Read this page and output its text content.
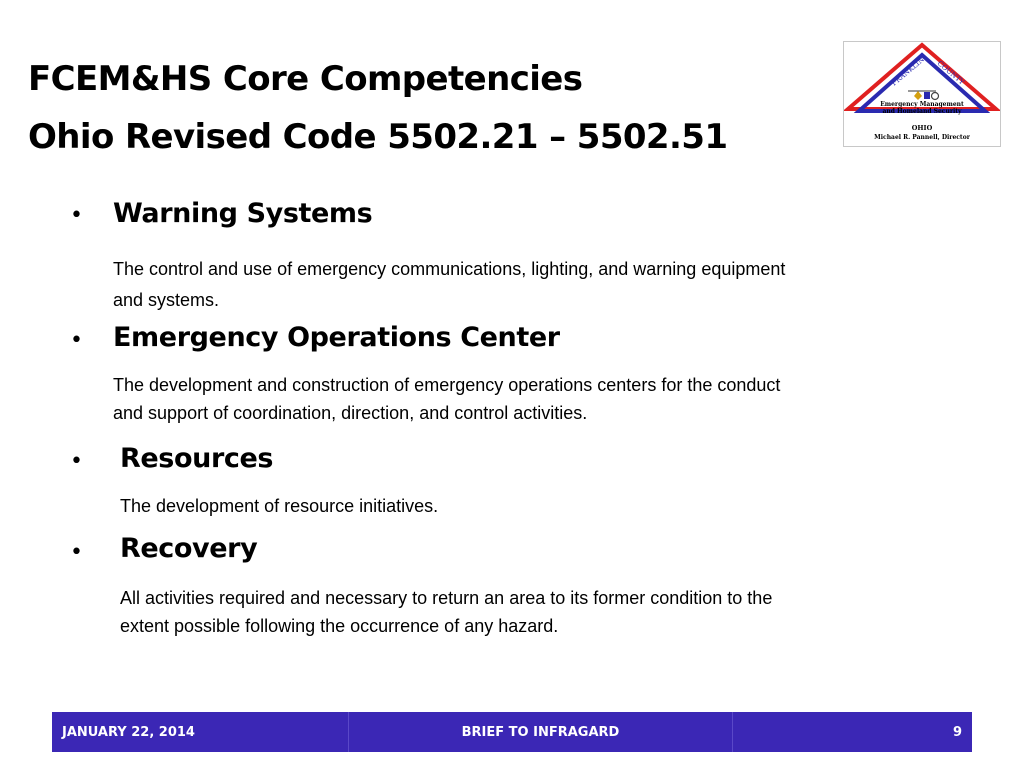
FCEM&HS Core Competencies
Ohio Revised Code 5502.21 – 5502.51
FRANKLIN COUNTY
Emergency Management
and Homeland Security
OHIO
Michael R. Pannell, Director
• Warning Systems
The control and use of emergency communications, lighting, and warning equipment
and systems.
• Emergency Operations Center
The development and construction of emergency operations centers for the conduct
and support of coordination, direction, and control activities.
• Resources
The development of resource initiatives.
• Recovery
All activities required and necessary to return an area to its former condition to the
extent possible following the occurrence of any hazard.
JANUARY 22, 2014	BRIEF TO INFRAGARD	9
